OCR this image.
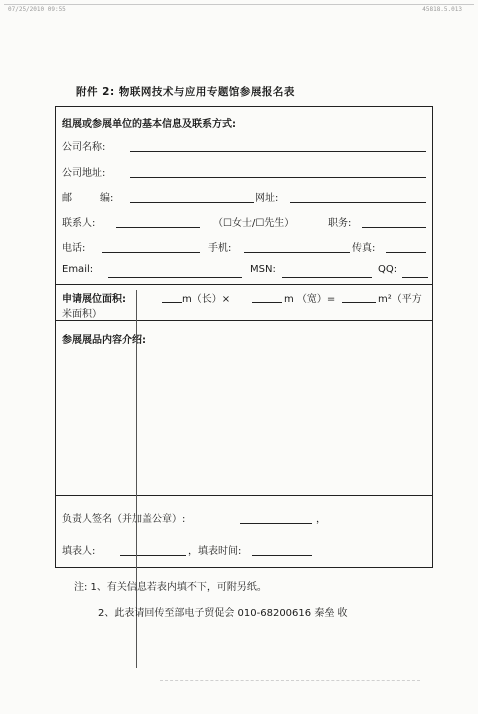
07/25/2010 09:55	45818.5.013
附件 2: 物联网技术与应用专题馆参展报名表
组展或参展单位的基本信息及联系方式:
公司名称:
公司地址:
邮	编:	网址:
联系人:	（☐女士/☐先生）	职务:
电话:	手机:	传真:
Email:	MSN:	QQ:
申请展位面积:	m（长）×	m （宽）=	m²（平方
米面积）
参展展品内容介绍:
负责人签名（并加盖公章）:	，
填表人:	，填表时间:
注: 1、有关信息若表内填不下，可附另纸。
2、此表请回传至部电子贸促会 010-68200616 秦垒 收
